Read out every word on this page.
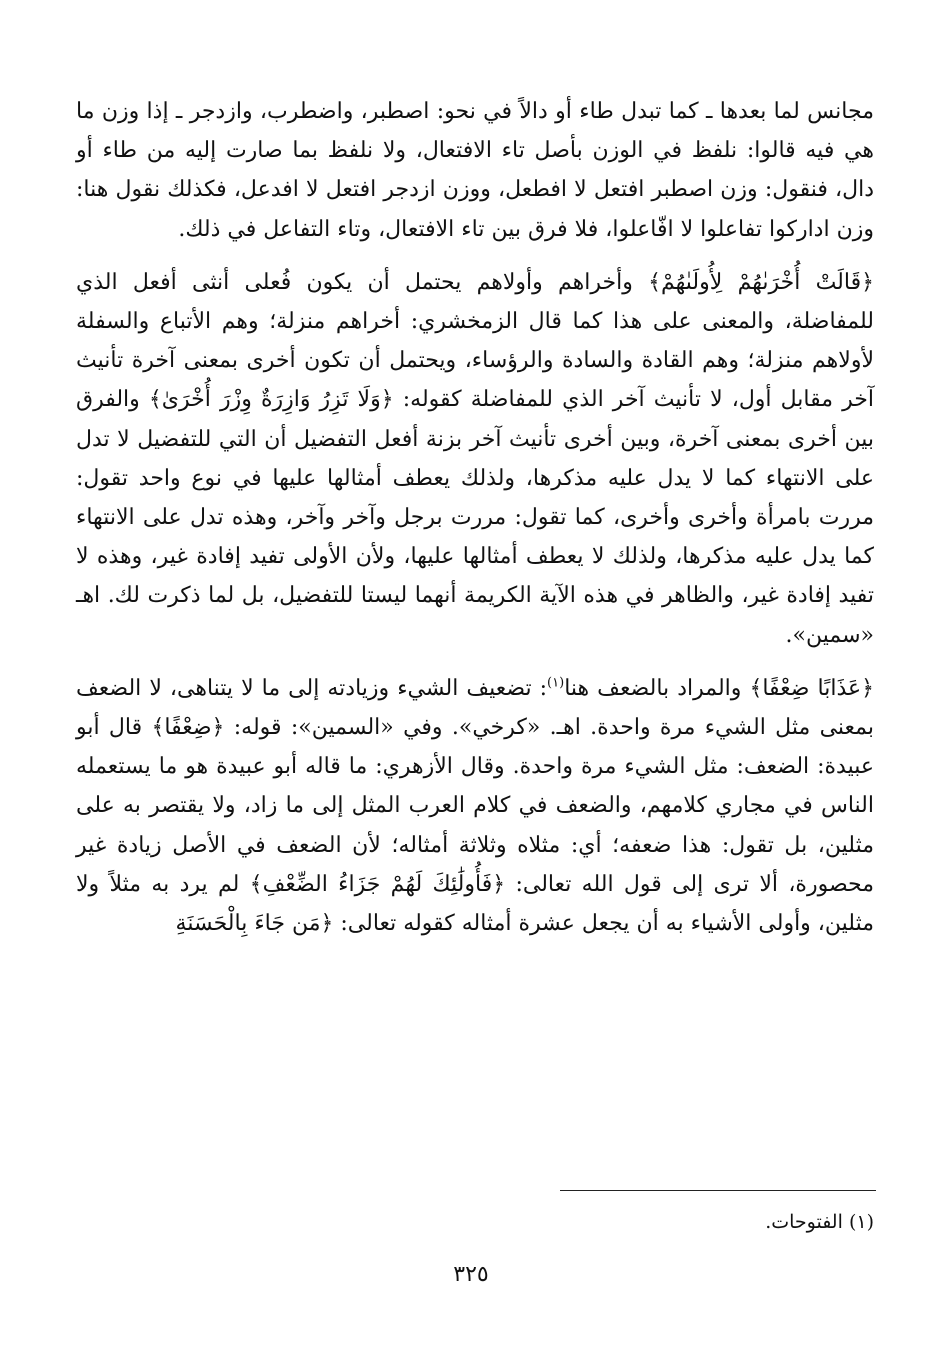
مجانس لما بعدها ـ كما تبدل طاء أو دالاً في نحو: اصطبر، واضطرب، وازدجر ـ إذا وزن ما هي فيه قالوا: نلفظ في الوزن بأصل تاء الافتعال، ولا نلفظ بما صارت إليه من طاء أو دال، فنقول: وزن اصطبر افتعل لا افطعل، ووزن ازدجر افتعل لا افدعل، فكذلك نقول هنا: وزن اداركوا تفاعلوا لا افّاعلوا، فلا فرق بين تاء الافتعال، وتاء التفاعل في ذلك.

﴿قَالَتْ أُخْرَىٰهُمْ لِأُولَىٰهُمْ﴾ وأخراهم وأولاهم يحتمل أن يكون فُعلى أنثى أفعل الذي للمفاضلة، والمعنى على هذا كما قال الزمخشري: أخراهم منزلة؛ وهم الأتباع والسفلة لأولاهم منزلة؛ وهم القادة والسادة والرؤساء، ويحتمل أن تكون أخرى بمعنى آخرة تأنيث آخر مقابل أول، لا تأنيث آخر الذي للمفاضلة كقوله: ﴿وَلَا تَزِرُ وَازِرَةٌ وِزْرَ أُخْرَىٰ﴾ والفرق بين أخرى بمعنى آخرة، وبين أخرى تأنيث آخر بزنة أفعل التفضيل أن التي للتفضيل لا تدل على الانتهاء كما لا يدل عليه مذكرها، ولذلك يعطف أمثالها عليها في نوع واحد تقول: مررت بامرأة وأخرى وأخرى، كما تقول: مررت برجل وآخر وآخر، وهذه تدل على الانتهاء كما يدل عليه مذكرها، ولذلك لا يعطف أمثالها عليها، ولأن الأولى تفيد إفادة غير، وهذه لا تفيد إفادة غير، والظاهر في هذه الآية الكريمة أنهما ليستا للتفضيل، بل لما ذكرت لك. اهـ «سمين».

﴿عَذَابًا ضِعْفًا﴾ والمراد بالضعف هنا$^{(١)}$: تضعيف الشيء وزيادته إلى ما لا يتناهى، لا الضعف بمعنى مثل الشيء مرة واحدة. اهـ. «كرخي». وفي «السمين»: قوله: ﴿ضِعْفًا﴾ قال أبو عبيدة: الضعف: مثل الشيء مرة واحدة. وقال الأزهري: ما قاله أبو عبيدة هو ما يستعمله الناس في مجاري كلامهم، والضعف في كلام العرب المثل إلى ما زاد، ولا يقتصر به على مثلين، بل تقول: هذا ضعفه؛ أي: مثلاه وثلاثة أمثاله؛ لأن الضعف في الأصل زيادة غير محصورة، ألا ترى إلى قول الله تعالى: ﴿فَأُولَٰئِكَ لَهُمْ جَزَاءُ الضِّعْفِ﴾ لم يرد به مثلاً ولا مثلين، وأولى الأشياء به أن يجعل عشرة أمثاله كقوله تعالى: ﴿مَن جَاءَ بِالْحَسَنَةِ

(١) الفتوحات.
٣٢٥
